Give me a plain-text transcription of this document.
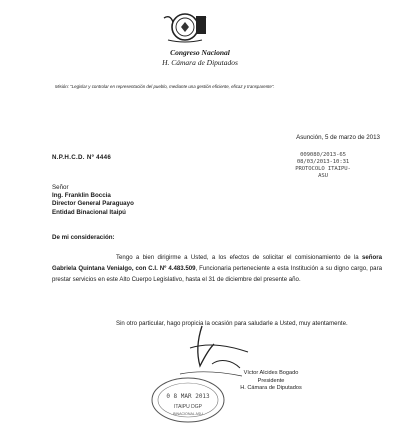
Congreso Nacional
H. Cámara de Diputados
Misión: "Legislar y controlar en representación del pueblo, mediante una gestión eficiente, eficaz y transparente".
Asunción, 5 de marzo de 2013
N.P.H.C.D. Nº 4446	009080/2013-65
08/03/2013-10:31
PROTOCOLO ITAIPU-
ASU
Señor
Ing. Franklin Boccia
Director General Paraguayo
Entidad Binacional Itaipú
De mi consideración:
Tengo a bien dirigirme a Usted, a los efectos de solicitar el comisionamiento de la señora Gabriela Quintana Venialgo, con C.I. Nº 4.483.509, Funcionaria perteneciente a esta Institución a su digno cargo, para prestar servicios en este Alto Cuerpo Legislativo, hasta el 31 de diciembre del presente año.
Sin otro particular, hago propicia la ocasión para saludarle a Usted, muy atentamente.
Víctor Alcides Bogado
Presidente
H. Cámara de Diputados
0 8 MAR 2013
ITAIPU DGP
BINACIONAL ASU
